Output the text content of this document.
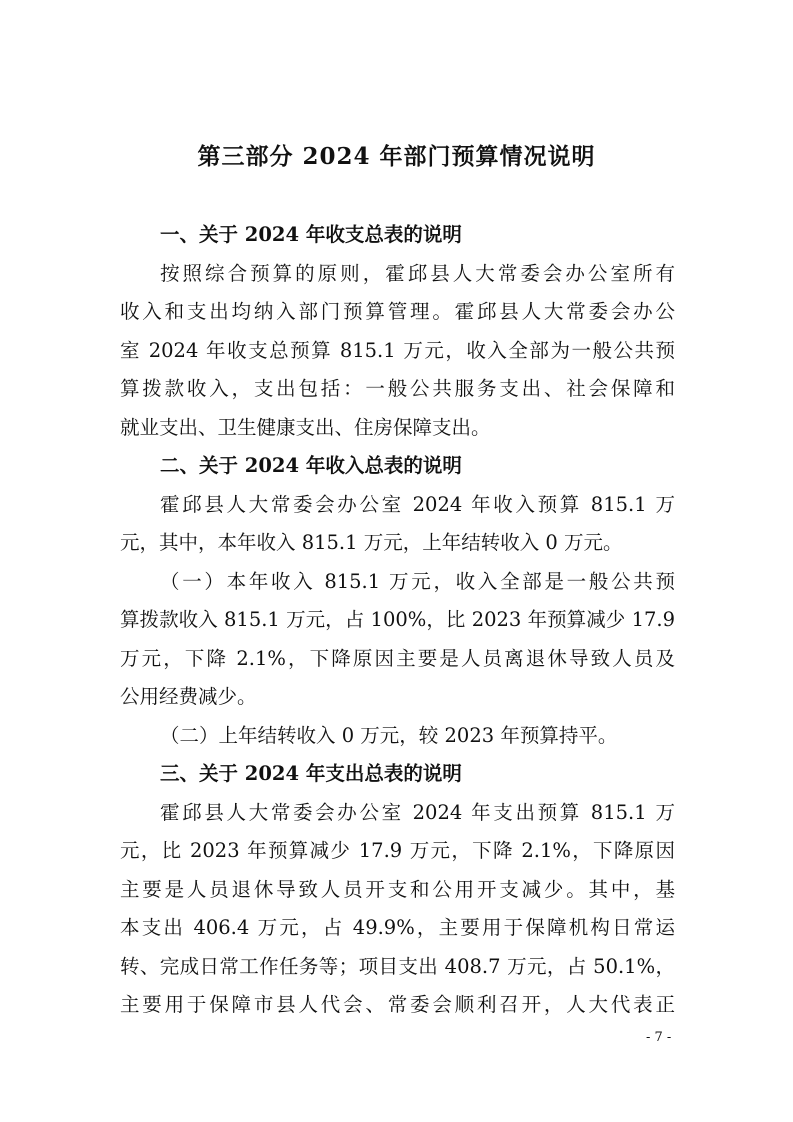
第三部分 2024 年部门预算情况说明
一、关于 2024 年收支总表的说明
按照综合预算的原则，霍邱县人大常委会办公室所有
收入和支出均纳入部门预算管理。霍邱县人大常委会办公
室 2024 年收支总预算 815.1 万元，收入全部为一般公共预
算拨款收入，支出包括：一般公共服务支出、社会保障和
就业支出、卫生健康支出、住房保障支出。
二、关于 2024 年收入总表的说明
霍邱县人大常委会办公室 2024 年收入预算 815.1 万
元，其中，本年收入 815.1 万元，上年结转收入 0 万元。
（一）本年收入 815.1 万元，收入全部是一般公共预
算拨款收入 815.1 万元，占 100%，比 2023 年预算减少 17.9
万元，下降 2.1%，下降原因主要是人员离退休导致人员及
公用经费减少。
（二）上年结转收入 0 万元，较 2023 年预算持平。
三、关于 2024 年支出总表的说明
霍邱县人大常委会办公室 2024 年支出预算 815.1 万
元，比 2023 年预算减少 17.9 万元，下降 2.1%，下降原因
主要是人员退休导致人员开支和公用开支减少。其中，基
本支出 406.4 万元，占 49.9%，主要用于保障机构日常运
转、完成日常工作任务等；项目支出 408.7 万元，占 50.1%，
主要用于保障市县人代会、常委会顺利召开，人大代表正
- 7 -
